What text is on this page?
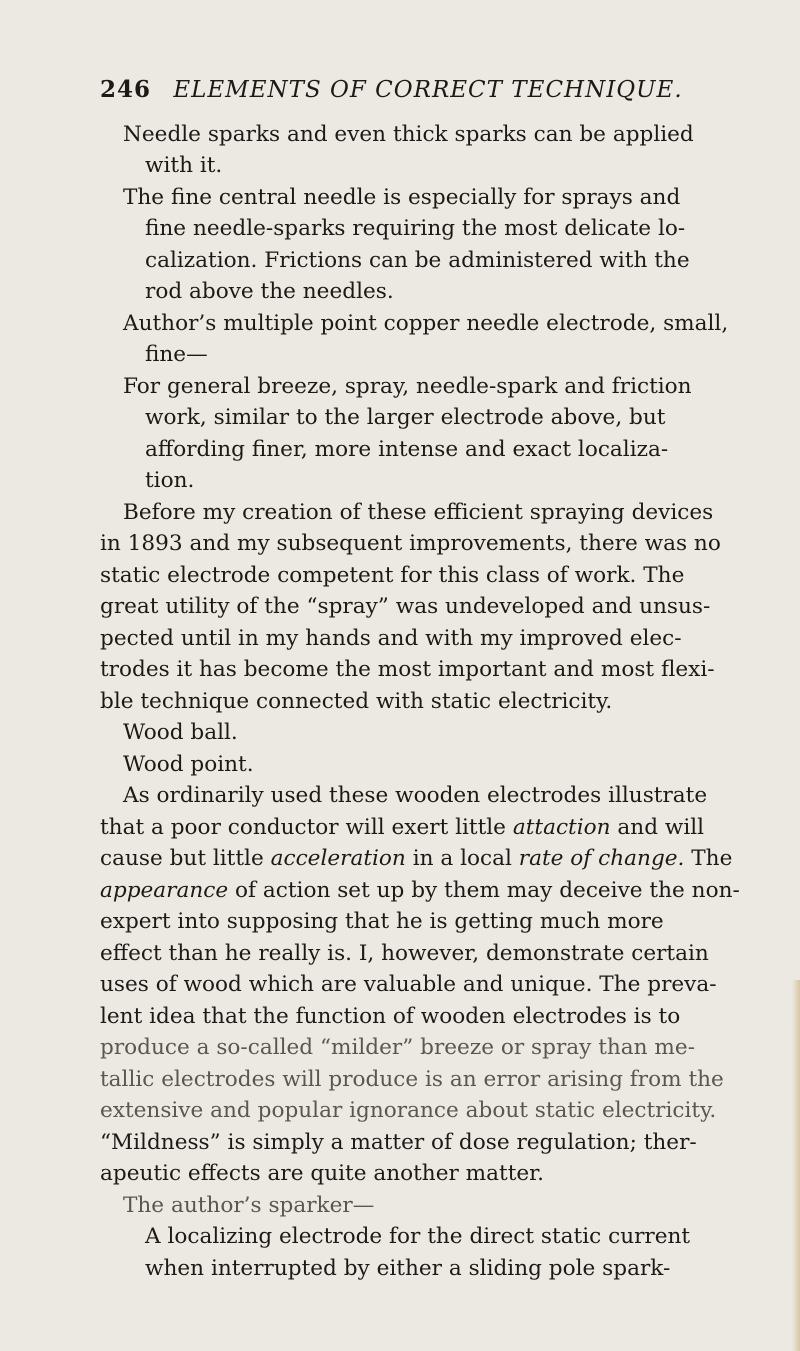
246 ELEMENTS OF CORRECT TECHNIQUE.
Needle sparks and even thick sparks can be applied
with it.
The fine central needle is especially for sprays and
fine needle-sparks requiring the most delicate lo-
calization. Frictions can be administered with the
rod above the needles.
Author’s multiple point copper needle electrode, small,
fine—
For general breeze, spray, needle-spark and friction
work, similar to the larger electrode above, but
affording finer, more intense and exact localiza-
tion.
Before my creation of these efficient spraying devices
in 1893 and my subsequent improvements, there was no
static electrode competent for this class of work. The
great utility of the “spray” was undeveloped and unsus-
pected until in my hands and with my improved elec-
trodes it has become the most important and most flexi-
ble technique connected with static electricity.
Wood ball.
Wood point.
As ordinarily used these wooden electrodes illustrate
that a poor conductor will exert little attaction and will
cause but little acceleration in a local rate of change. The
appearance of action set up by them may deceive the non-
expert into supposing that he is getting much more
effect than he really is. I, however, demonstrate certain
uses of wood which are valuable and unique. The preva-
lent idea that the function of wooden electrodes is to
produce a so-called “milder” breeze or spray than me-
tallic electrodes will produce is an error arising from the
extensive and popular ignorance about static electricity.
“Mildness” is simply a matter of dose regulation; ther-
apeutic effects are quite another matter.
The author’s sparker—
A localizing electrode for the direct static current
when interrupted by either a sliding pole spark-
